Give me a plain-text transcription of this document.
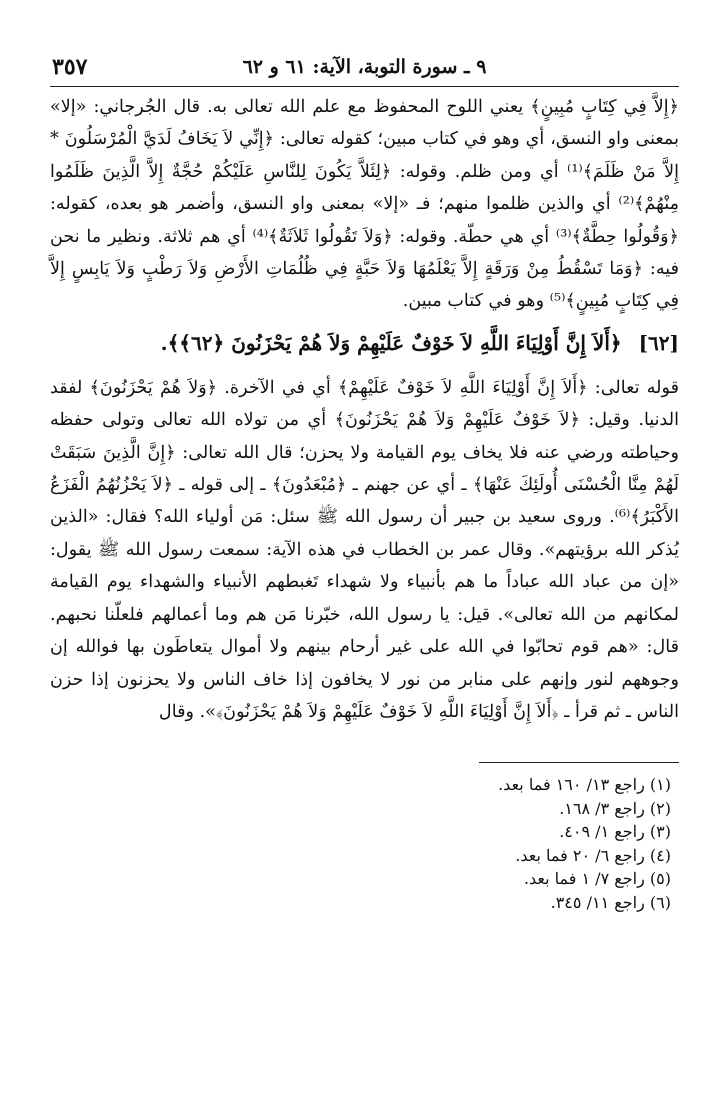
٣٥٧	٩ ـ سورة التوبة، الآية: ٦١ و ٦٢

﴿إِلاَّ فِي كِتَابٍ مُبِينٍ﴾ يعني اللوح المحفوظ مع علم الله تعالى به. قال الجُرجاني: «إلا» بمعنى واو النسق، أي وهو في كتاب مبين؛ كقوله تعالى: ﴿إِنِّي لاَ يَخَافُ لَدَيَّ الْمُرْسَلُونَ * إِلاَّ مَنْ ظَلَمَ﴾⁽¹⁾ أي ومن ظلم. وقوله: ﴿لِئَلاَّ يَكُونَ لِلنَّاسِ عَلَيْكُمْ حُجَّةٌ إِلاَّ الَّذِينَ ظَلَمُوا مِنْهُمْ﴾⁽²⁾ أي والذين ظلموا منهم؛ فـ «إلا» بمعنى واو النسق، وأضمر هو بعده، كقوله: ﴿وَقُولُوا حِطَّةٌ﴾⁽³⁾ أي هي حطّة. وقوله: ﴿وَلاَ تَقُولُوا ثَلاَثَةٌ﴾⁽⁴⁾ أي هم ثلاثة. ونظير ما نحن فيه: ﴿وَمَا تَسْقُطُ مِنْ وَرَقَةٍ إِلاَّ يَعْلَمُهَا وَلاَ حَبَّةٍ فِي ظُلُمَاتِ الأَرْضِ وَلاَ رَطْبٍ وَلاَ يَابِسٍ إِلاَّ فِي كِتَابٍ مُبِينٍ﴾⁽⁵⁾ وهو في كتاب مبين.

[٦٢] ﴿أَلاَ إِنَّ أَوْلِيَاءَ اللَّهِ لاَ خَوْفٌ عَلَيْهِمْ وَلاَ هُمْ يَحْزَنُونَ ﴿٦٢﴾﴾.

قوله تعالى: ﴿أَلاَ إِنَّ أَوْلِيَاءَ اللَّهِ لاَ خَوْفٌ عَلَيْهِمْ﴾ أي في الآخرة. ﴿وَلاَ هُمْ يَحْزَنُونَ﴾ لفقد الدنيا. وقيل: ﴿لاَ خَوْفٌ عَلَيْهِمْ وَلاَ هُمْ يَحْزَنُونَ﴾ أي من تولاه الله تعالى وتولى حفظه وحياطته ورضي عنه فلا يخاف يوم القيامة ولا يحزن؛ قال الله تعالى: ﴿إِنَّ الَّذِينَ سَبَقَتْ لَهُمْ مِنَّا الْحُسْنَى أُولَئِكَ عَنْهَا﴾ ـ أي عن جهنم ـ ﴿مُبْعَدُونَ﴾ ـ إلى قوله ـ ﴿لاَ يَحْزُنُهُمُ الْفَزَعُ الأَكْبَرُ﴾⁽⁶⁾. وروى سعيد بن جبير أن رسول الله ﷺ سئل: مَن أولياء الله؟ فقال: «الذين يُذكر الله برؤيتهم». وقال عمر بن الخطاب في هذه الآية: سمعت رسول الله ﷺ يقول: «إن من عباد الله عباداً ما هم بأنبياء ولا شهداء تَغبطهم الأنبياء والشهداء يوم القيامة لمكانهم من الله تعالى». قيل: يا رسول الله، خبّرنا مَن هم وما أعمالهم فلعلّنا نحبهم. قال: «هم قوم تحابّوا في الله على غير أرحام بينهم ولا أموال يتعاطَون بها فوالله إن وجوههم لنور وإنهم على منابر من نور لا يخافون إذا خاف الناس ولا يحزنون إذا حزن الناس ـ ثم قرأ ـ ﴿أَلاَ إِنَّ أَوْلِيَاءَ اللَّهِ لاَ خَوْفٌ عَلَيْهِمْ وَلاَ هُمْ يَحْزَنُونَ﴾». وقال

(١) راجع ١٣/ ١٦٠ فما بعد.

(٢) راجع ٣/ ١٦٨.

(٣) راجع ١/ ٤٠٩.

(٤) راجع ٦/ ٢٠ فما بعد.

(٥) راجع ٧/ ١ فما بعد.

(٦) راجع ١١/ ٣٤٥.
